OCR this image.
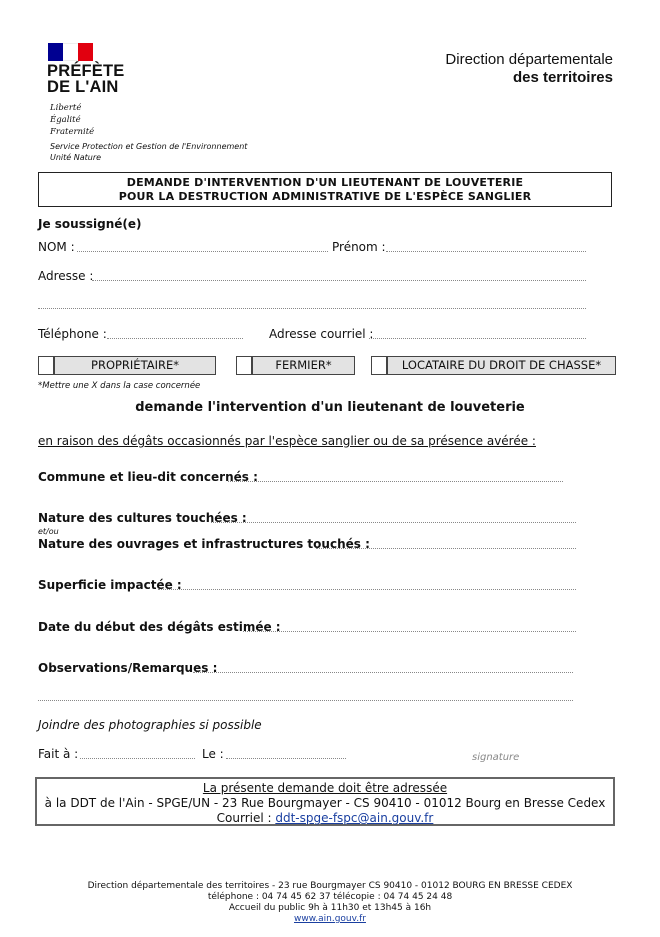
PRÉFÈTE
DE L'AIN
Liberté
Égalité
Fraternité
Service Protection et Gestion de l'Environnement
Unité Nature
Direction départementale
des territoires
DEMANDE D'INTERVENTION D'UN LIEUTENANT DE LOUVETERIE
POUR LA DESTRUCTION ADMINISTRATIVE DE L'ESPÈCE SANGLIER
Je soussigné(e)
NOM :	Prénom :
Adresse :
Téléphone :	Adresse courriel :
PROPRIÉTAIRE*	FERMIER*	LOCATAIRE DU DROIT DE CHASSE*
*Mettre une X dans la case concernée
demande l'intervention d'un lieutenant de louveterie
en raison des dégâts occasionnés par l'espèce sanglier ou de sa présence avérée :
Commune et lieu-dit concernés :
Nature des cultures touchées :
et/ou
Nature des ouvrages et infrastructures touchés :
Superficie impactée :
Date du début des dégâts estimée :
Observations/Remarques :
Joindre des photographies si possible
Fait à :	Le :	signature
La présente demande doit être adressée
à la DDT de l'Ain - SPGE/UN - 23 Rue Bourgmayer - CS 90410 - 01012 Bourg en Bresse Cedex
Courriel : ddt-spge-fspc@ain.gouv.fr
Direction départementale des territoires - 23 rue Bourgmayer CS 90410 - 01012 BOURG EN BRESSE CEDEX
téléphone : 04 74 45 62 37 télécopie : 04 74 45 24 48
Accueil du public 9h à 11h30 et 13h45 à 16h
www.ain.gouv.fr
